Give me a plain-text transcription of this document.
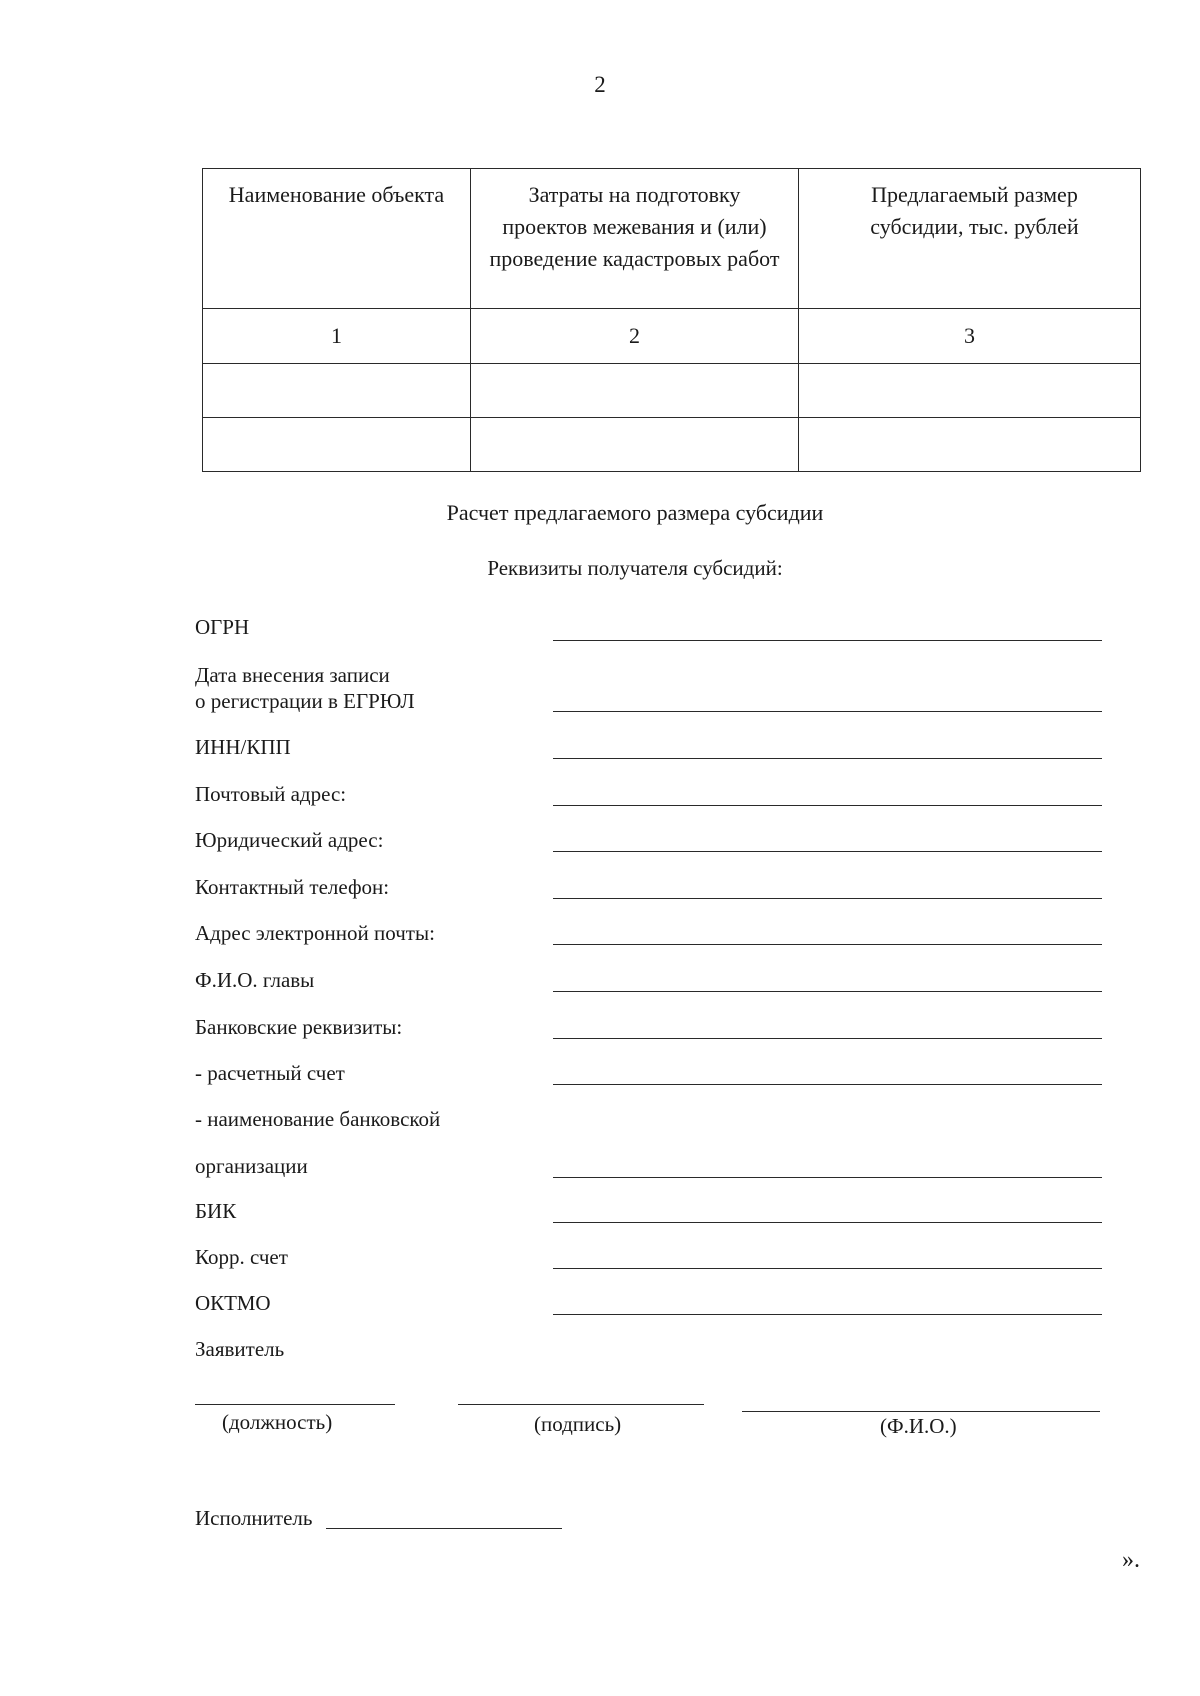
2
Наименование объекта	Затраты на подготовку проектов межевания и (или) проведение кадастровых работ	Предлагаемый размер субсидии, тыс. рублей
1	2	3

Расчет предлагаемого размера субсидии
Реквизиты получателя субсидий:
ОГРН
Дата внесения записи
о регистрации в ЕГРЮЛ
ИНН/КПП
Почтовый адрес:
Юридический адрес:
Контактный телефон:
Адрес электронной почты:
Ф.И.О. главы
Банковские реквизиты:
- расчетный счет
- наименование банковской
организации
БИК
Корр. счет
ОКТМО
Заявитель
(должность)	(подпись)	(Ф.И.О.)
Исполнитель
».
